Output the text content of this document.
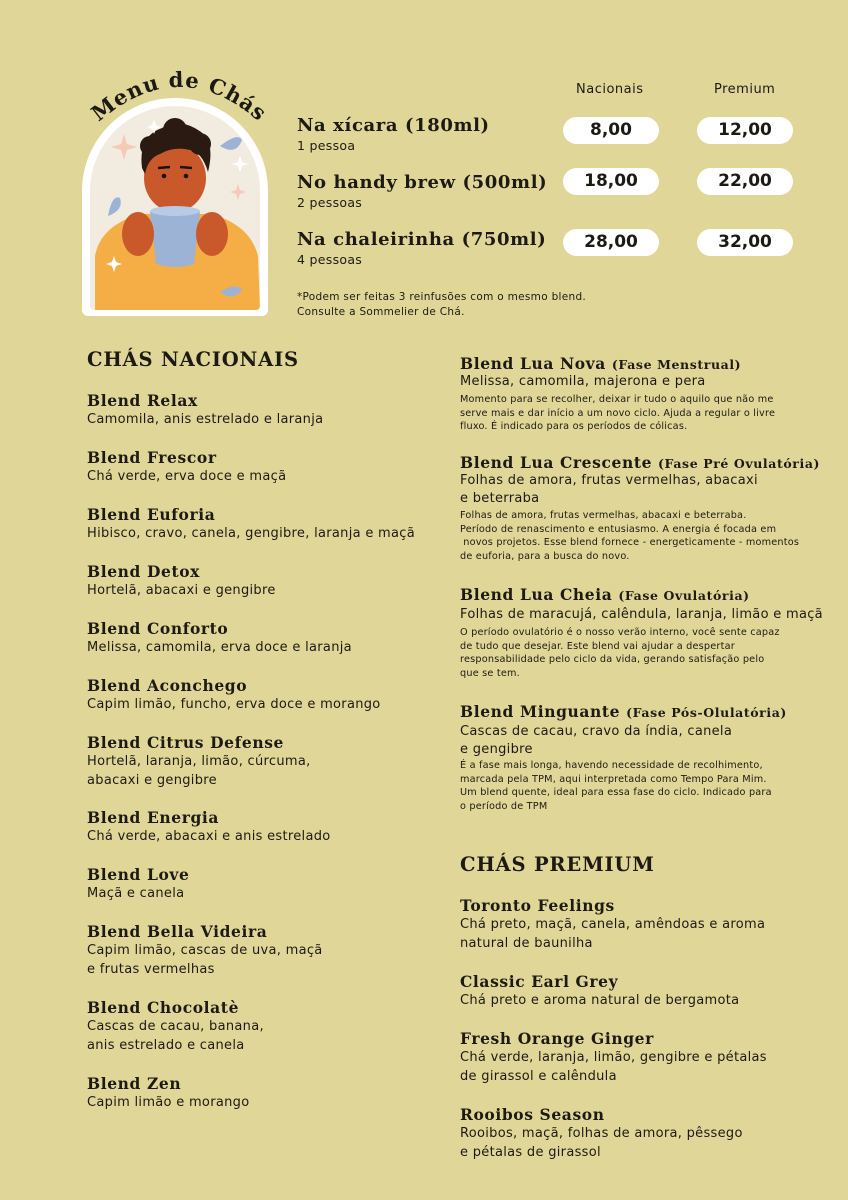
Menu de Chás
Nacionais	Premium
Na xícara (180ml)
1 pessoa
8,00	12,00
No handy brew (500ml)
2 pessoas
18,00	22,00
Na chaleirinha (750ml)
4 pessoas
28,00	32,00
*Podem ser feitas 3 reinfusões com o mesmo blend.
Consulte a Sommelier de Chá.
CHÁS NACIONAIS
Blend Relax
Camomila, anis estrelado e laranja
Blend Frescor
Chá verde, erva doce e maçã
Blend Euforia
Hibisco, cravo, canela, gengibre, laranja e maçã
Blend Detox
Hortelã, abacaxi e gengibre
Blend Conforto
Melissa, camomila, erva doce e laranja
Blend Aconchego
Capim limão, funcho, erva doce e morango
Blend Citrus Defense
Hortelã, laranja, limão, cúrcuma,
abacaxi e gengibre
Blend Energia
Chá verde, abacaxi e anis estrelado
Blend Love
Maçã e canela
Blend Bella Videira
Capim limão, cascas de uva, maçã
e frutas vermelhas
Blend Chocolatè
Cascas de cacau, banana,
anis estrelado e canela
Blend Zen
Capim limão e morango
Blend Lua Nova (Fase Menstrual)
Melissa, camomila, majerona e pera
Momento para se recolher, deixar ir tudo o aquilo que não me
serve mais e dar início a um novo ciclo. Ajuda a regular o livre
fluxo. É indicado para os períodos de cólicas.
Blend Lua Crescente (Fase Pré Ovulatória)
Folhas de amora, frutas vermelhas, abacaxi
e beterraba
Folhas de amora, frutas vermelhas, abacaxi e beterraba.
Período de renascimento e entusiasmo. A energia é focada em
novos projetos. Esse blend fornece - energeticamente - momentos
de euforia, para a busca do novo.
Blend Lua Cheia (Fase Ovulatória)
Folhas de maracujá, calêndula, laranja, limão e maçã
O período ovulatório é o nosso verão interno, você sente capaz
de tudo que desejar. Este blend vai ajudar a despertar
responsabilidade pelo ciclo da vida, gerando satisfação pelo
que se tem.
Blend Minguante (Fase Pós-Olulatória)
Cascas de cacau, cravo da índia, canela
e gengibre
É a fase mais longa, havendo necessidade de recolhimento,
marcada pela TPM, aqui interpretada como Tempo Para Mim.
Um blend quente, ideal para essa fase do ciclo. Indicado para
o período de TPM
CHÁS PREMIUM
Toronto Feelings
Chá preto, maçã, canela, amêndoas e aroma
natural de baunilha
Classic Earl Grey
Chá preto e aroma natural de bergamota
Fresh Orange Ginger
Chá verde, laranja, limão, gengibre e pétalas
de girassol e calêndula
Rooibos Season
Rooibos, maçã, folhas de amora, pêssego
e pétalas de girassol
